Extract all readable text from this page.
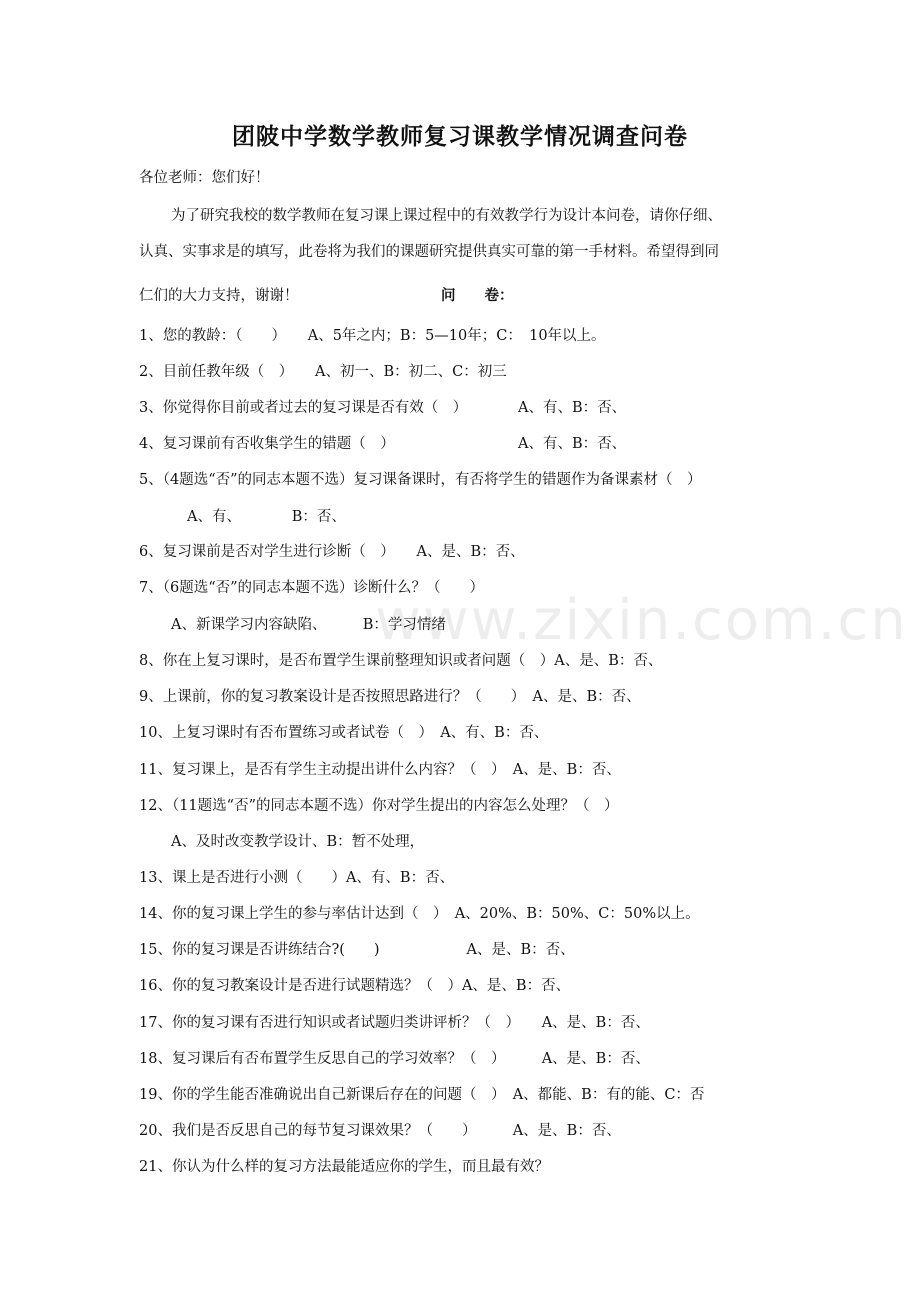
www.zixin.com.cn
团陂中学数学教师复习课教学情况调查问卷
各位老师：您们好！
为了研究我校的数学教师在复习课上课过程中的有效教学行为设计本问卷，请你仔细、
认真、实事求是的填写，此卷将为我们的课题研究提供真实可靠的第一手材料。希望得到同
仁们的大力支持，谢谢！	问　　卷：
1、您的教龄：（　　）　　A、5年之内；B：5—10年；C：　10年以上。
2、目前任教年级（　）　　A、初一、B：初二、C：初三
3、你觉得你目前或者过去的复习课是否有效（　）　　　　A、有、B：否、
4、复习课前有否收集学生的错题（　）　　　　　　　　　A、有、B：否、
5、（4题选“否”的同志本题不选）复习课备课时，有否将学生的错题作为备课素材（　）
A、有、　　　　B：否、
6、复习课前是否对学生进行诊断（　）　　A、是、B：否、
7、（6题选“否”的同志本题不选）诊断什么？（　　）
A、新课学习内容缺陷、　　　B：学习情绪
8、你在上复习课时，是否布置学生课前整理知识或者问题（　）A、是、B：否、
9、上课前，你的复习教案设计是否按照思路进行？（　　）　A、是、B：否、
10、上复习课时有否布置练习或者试卷（　）　A、有、B：否、
11、复习课上，是否有学生主动提出讲什么内容？（　）　A、是、B：否、
12、（11题选“否”的同志本题不选）你对学生提出的内容怎么处理？（　）
A、及时改变教学设计、B：暂不处理，
13、课上是否进行小测（　　）A、有、B：否、
14、你的复习课上学生的参与率估计达到（　）　A、20%、B：50%、C：50%以上。
15、你的复习课是否讲练结合?(　　)　　　　　　A、是、B：否、
16、你的复习教案设计是否进行试题精选？（　）A、是、B：否、
17、你的复习课有否进行知识或者试题归类讲评析？（　）　　A、是、B：否、
18、复习课后有否布置学生反思自己的学习效率？（　）　　　A、是、B：否、
19、你的学生能否准确说出自己新课后存在的问题（　）　A、都能、B：有的能、C：否
20、我们是否反思自己的每节复习课效果？（　　）　　　A、是、B：否、
21、你认为什么样的复习方法最能适应你的学生，而且最有效？
